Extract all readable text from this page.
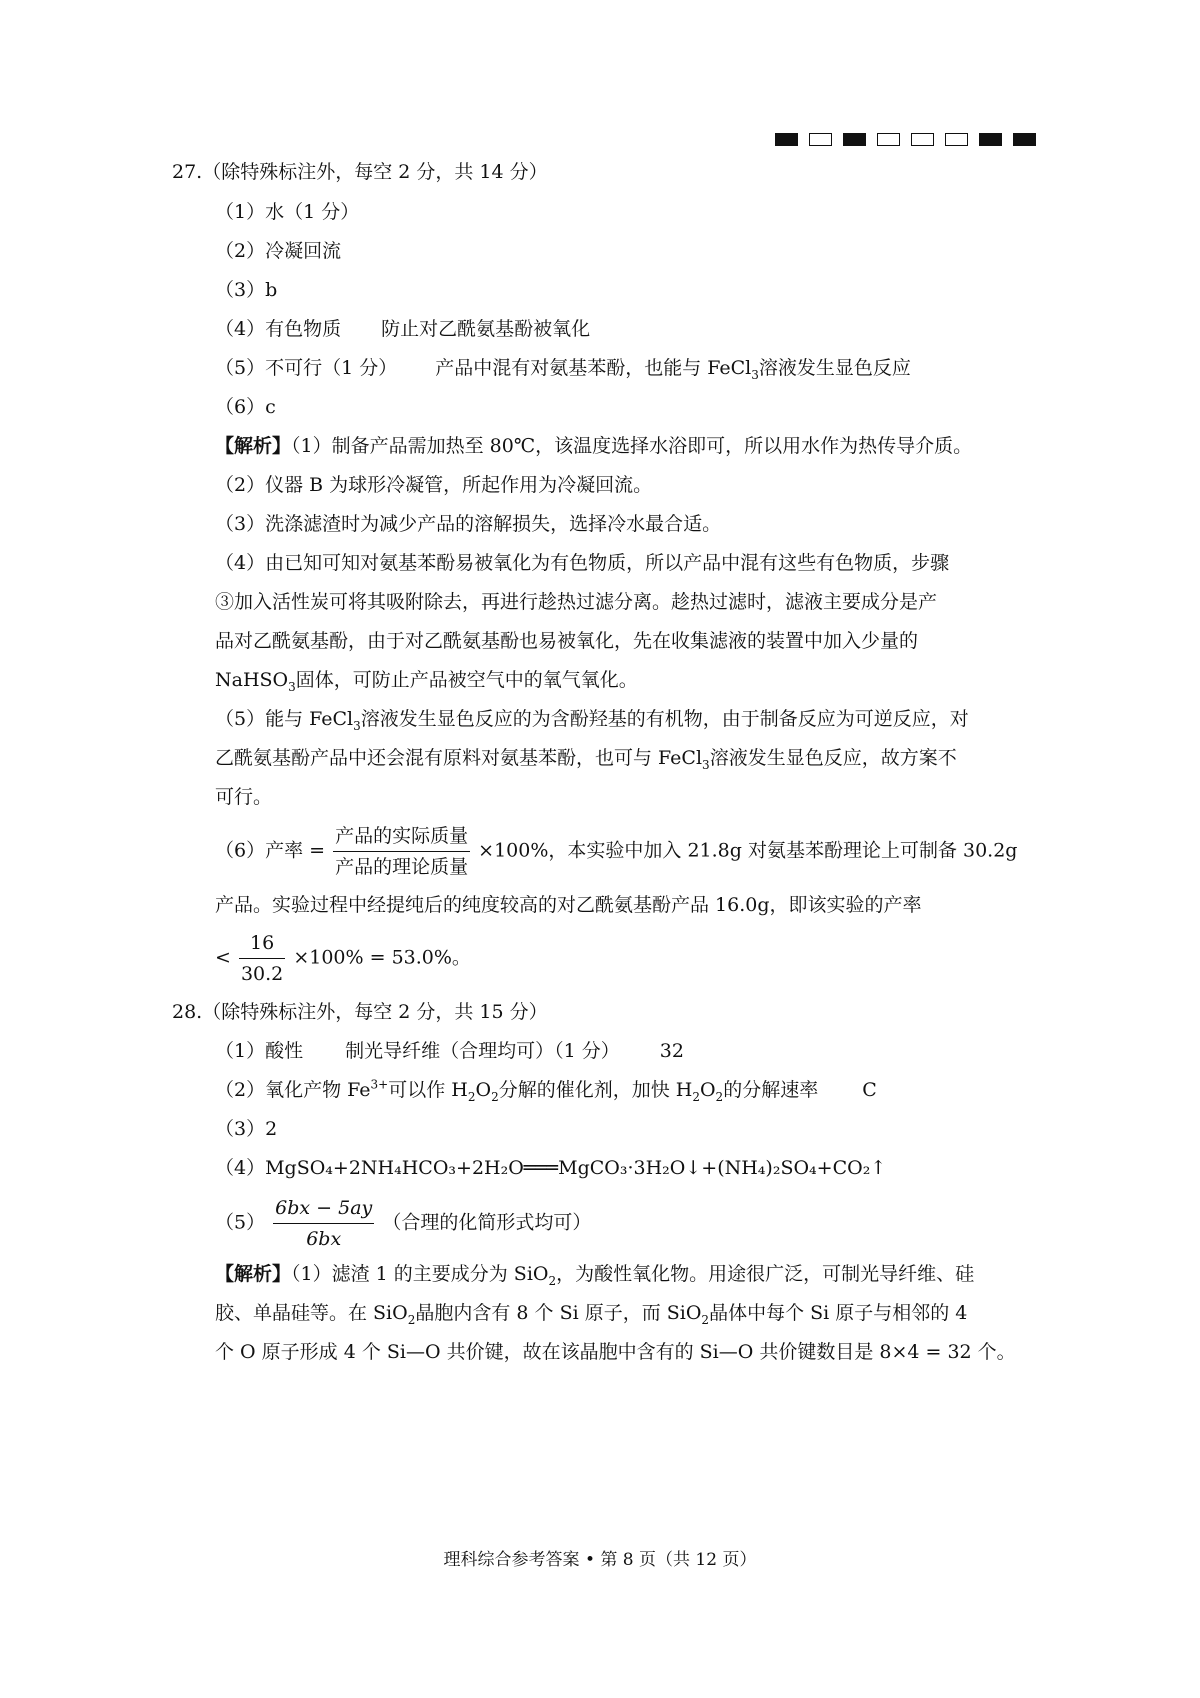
27.（除特殊标注外，每空 2 分，共 14 分）
（1）水（1 分）
（2）冷凝回流
（3）b
（4）有色物质 防止对乙酰氨基酚被氧化
（5）不可行（1 分） 产品中混有对氨基苯酚，也能与 FeCl$_3$溶液发生显色反应
（6）c
【解析】（1）制备产品需加热至 80℃，该温度选择水浴即可，所以用水作为热传导介质。
（2）仪器 B 为球形冷凝管，所起作用为冷凝回流。
（3）洗涤滤渣时为减少产品的溶解损失，选择冷水最合适。
（4）由已知可知对氨基苯酚易被氧化为有色物质，所以产品中混有这些有色物质，步骤
③加入活性炭可将其吸附除去，再进行趁热过滤分离。趁热过滤时，滤液主要成分是产
品对乙酰氨基酚，由于对乙酰氨基酚也易被氧化，先在收集滤液的装置中加入少量的
NaHSO$_3$固体，可防止产品被空气中的氧气氧化。
（5）能与 FeCl$_3$溶液发生显色反应的为含酚羟基的有机物，由于制备反应为可逆反应，对
乙酰氨基酚产品中还会混有原料对氨基苯酚，也可与 FeCl$_3$溶液发生显色反应，故方案不
可行。
（6）产率 = $\frac{\text{产品的实际质量}}{\text{产品的理论质量}} \times 100\%$，本实验中加入 21.8g 对氨基苯酚理论上可制备 30.2g
产品。实验过程中经提纯后的纯度较高的对乙酰氨基酚产品 16.0g，即该实验的产率
< $\frac{16}{30.2} \times 100\% = 53.0\%$。
28.（除特殊标注外，每空 2 分，共 15 分）
（1）酸性 制光导纤维（合理均可）（1 分） 32
（2）氧化产物 $Fe^{3+}$可以作 $H_2O_2$分解的催化剂，加快 $H_2O_2$的分解速率 C
（3）2
（4）MgSO₄+2NH₄HCO₃+2H₂O═══MgCO₃·3H₂O↓+(NH₄)₂SO₄+CO₂↑
$(5) \frac{6bx - 5ay}{6bx}$ （合理的化简形式均可）
【解析】（1）滤渣 1 的主要成分为 SiO$_2$，为酸性氧化物。用途很广泛，可制光导纤维、硅
胶、单晶硅等。在 SiO$_2$晶胞内含有 8 个 Si 原子，而 SiO$_2$晶体中每个 Si 原子与相邻的 4
个 O 原子形成 4 个 Si—O 共价键，故在该晶胞中含有的 Si—O 共价键数目是 8×4 = 32 个。
理科综合参考答案 • 第 8 页（共 12 页）
